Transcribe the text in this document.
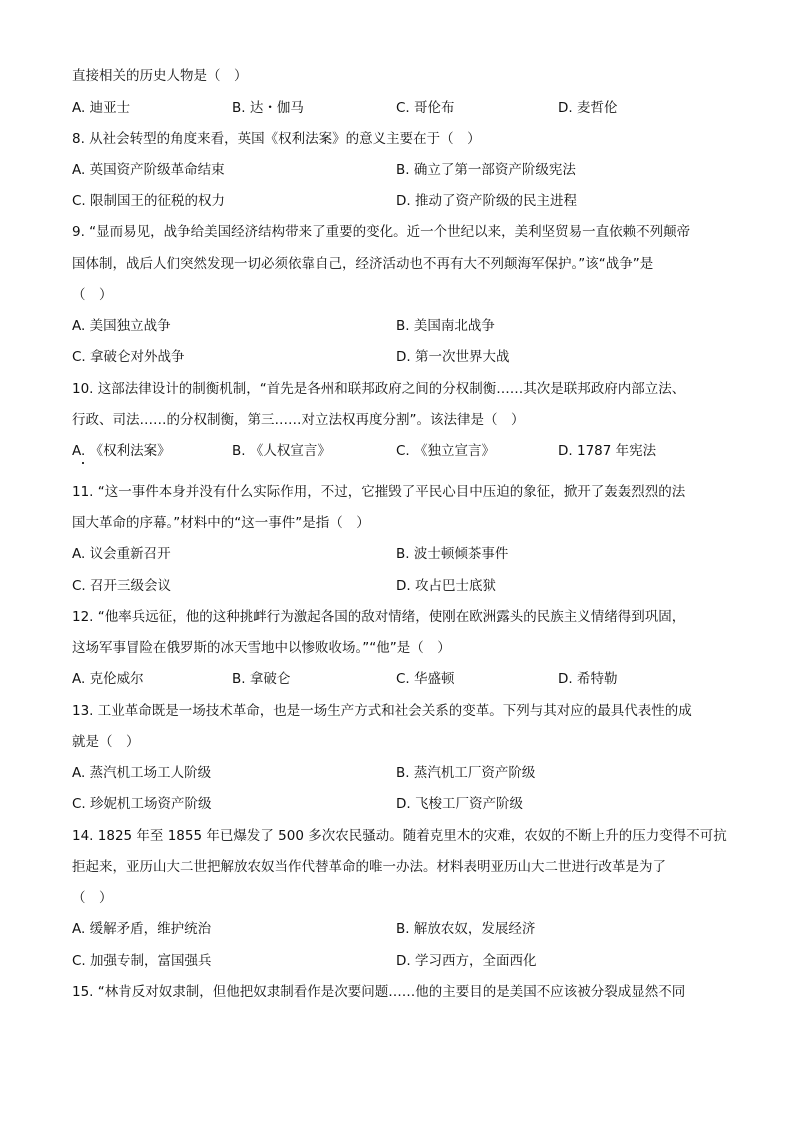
直接相关的历史人物是（　）
A. 迪亚士	B. 达・伽马	C. 哥伦布	D. 麦哲伦
8. 从社会转型的角度来看，英国《权利法案》的意义主要在于（　）
A. 英国资产阶级革命结束	B. 确立了第一部资产阶级宪法
C. 限制国王的征税的权力	D. 推动了资产阶级的民主进程
9. “显而易见，战争给美国经济结构带来了重要的变化。近一个世纪以来，美利坚贸易一直依赖不列颠帝
国体制，战后人们突然发现一切必须依靠自己，经济活动也不再有大不列颠海军保护。”该“战争”是
（　）
A. 美国独立战争	B. 美国南北战争
C. 拿破仑对外战争	D. 第一次世界大战
10. 这部法律设计的制衡机制，“首先是各州和联邦政府之间的分权制衡……其次是联邦政府内部立法、
行政、司法……的分权制衡，第三……对立法权再度分割”。该法律是（　）
A. 《权利法案》	B. 《人权宣言》	C. 《独立宣言》	D. 1787 年宪法
11. “这一事件本身并没有什么实际作用，不过，它摧毁了平民心目中压迫的象征，掀开了轰轰烈烈的法
国大革命的序幕。”材料中的“这一事件”是指（　）
A. 议会重新召开	B. 波士顿倾茶事件
C. 召开三级会议	D. 攻占巴士底狱
12. “他率兵远征，他的这种挑衅行为激起各国的敌对情绪，使刚在欧洲露头的民族主义情绪得到巩固，
这场军事冒险在俄罗斯的冰天雪地中以惨败收场。”“他”是（　）
A. 克伦威尔	B. 拿破仑	C. 华盛顿	D. 希特勒
13. 工业革命既是一场技术革命，也是一场生产方式和社会关系的变革。下列与其对应的最具代表性的成
就是（　）
A. 蒸汽机工场工人阶级	B. 蒸汽机工厂资产阶级
C. 珍妮机工场资产阶级	D. 飞梭工厂资产阶级
14. 1825 年至 1855 年已爆发了 500 多次农民骚动。随着克里木的灾难，农奴的不断上升的压力变得不可抗
拒起来，亚历山大二世把解放农奴当作代替革命的唯一办法。材料表明亚历山大二世进行改革是为了
（　）
A. 缓解矛盾，维护统治	B. 解放农奴，发展经济
C. 加强专制，富国强兵	D. 学习西方，全面西化
15. “林肯反对奴隶制，但他把奴隶制看作是次要问题……他的主要目的是美国不应该被分裂成显然不同
